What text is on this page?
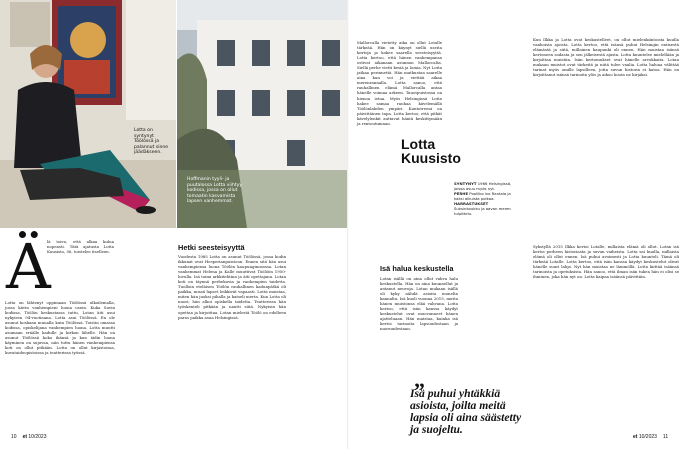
Lotta on syntynyt Töölössä ja palannut sinne jäädäkseen.
Hoffmanin tyyli- ja puutalossa Lotta viihtyy kodissa, jossa on ollut tomaatin kasvamista lapsen vanhemmat.
Ä

lä toivo, että alkaa kulua nopeasti. Tätä ajatusta Lotta Kuusisto, 56, toistelee itselleen.

Lotta on lähtenyt oppimaan Töölössä ulkoilemalla, jossa kävin vanhempieni luona usein. Kuka Suvin kodissa, Töölön keskustassa tuttu, Lotan äiti asui nykyisen 94-vuotiaana. Lotta asui Töölössä. En ole asunut koskaan muualla kuin Töölössä. Toistin omassa kodissa, opiskelijana vanhempien luona. Lotta muutti asumaan eräälle kadulle ja kirkon lähelle. Hän on asunut Töölössä koko ikänsä ja kun äidin luona käyminen on sujuvaa, niin tuttu hänen vanhempiensa koti on ollut pitkään. Lotta on ollut kirjastoissa, kuvataideopistoissa ja teatterissa työssä.

Hetki seesteisyyttä

Vuodesta 1985 Lotta on asunut Töölössä, jossa kodin ikkunat ovat Hesperianpuistoon. Ennen sitä hän asui vanhempiensa luona Töölön kaupunginosassa. Lotan vanhemmat Helena ja Kalle muuttivat Töölöön 1950-luvulla. Isä toimi arkkitehtina ja äiti opettajana. Lotan koti on täynnä perhekuvia ja vanhempien taidetta. Tuolloin eteläisen Töölön rauhallinen kadunpätkä oli paikka, missä lapset leikkivät vapaasti. Lotta muistaa, miten hän juoksi pihalla ja katseli merta. Kun Lotta oli nuori, hän alkoi opiskella taidetta. Teatterissa hän työskenteli pitkään ja nautti siitä. Nykyisin hän opettaa ja kirjoittaa. Lotan mielestä Töölö on edelleen paras paikka asua Helsingissä.

Mallorcalla vietetty aika on ollut Lotalle tärkeää. Hän on käynyt siellä useita kertoja ja kokee saarella seesteisyyttä. Lotta kertoo, että hänen vanhempansa ostivat aikanaan asunnon Mallorcalta. Siellä perhe vietti kesiä ja lomia. Nyt Lotta jatkaa perinnettä. Hän matkustaa saarelle aina kun voi ja viettää aikaa merenrannalla. Lotta sanoo, että rauhallinen elämä Mallorcalla antaa hänelle voimaa arkeen. Tauotpuistossa on hienoa istua. Myös Helsingissä Lotta hakee samaa rauhaa kävelemällä Töölönlahden ympäri. Kuntotreeni on päivittäinen tapa. Lotta kertoo, että pitkät kävelylenkit auttavat häntä keskittymään ja rentoutumaan.

Lotta Kuusisto
SYNTYNYT 1966 Helsingissä, joissa asuu myös nyt.
PERHE Poolilko ivo Rantala ja kaksi aikuista poikaa.
HARRASTUKSET Suksinkoukku ja aavan meren tulpittelu.
Isä halua keskustella

Lotan isällä on aina ollut vahva halu keskustella. Hän on aina kuunnellut ja antanut neuvoja. Lotan mukaan isällä oli kyky nähdä asioita monelta kannalta. Isä kuoli vuonna 2015, mutta hänen muistonsa elää vahvana. Lotta kertoo, että isän kanssa käydyt keskustelut ovat muovanneet hänen ajatteluaan. Hän muistaa, kuinka isä kertoi tarinoita lapsuudestaan ja nuoruudestaan.

Kun Ilkka ja Lotta ovat keskustelleet, on ollut mielenkiintoista kuulla vanhoista ajoista. Lotta kertoo, että isänsä puhui Helsingin entisestä elämästä ja siitä, millainen kaupunki oli ennen. Hän muistaa isänsä kertoneen sodasta ja sen jälkeisestä ajasta. Lotta kuuntelee mielellään ja kirjoittaa muistiin. Isän kertomukset ovat hänelle arvokkaita. Lotan mukaan muistot ovat tärkeitä ja niitä tulee vaalia. Lotta haluaa välittää tarinat myös omille lapsilleen, jotta suvun historia ei katoa. Hän on kirjoittanut isänsä tarinoita ylös ja aikoo koota ne kirjaksi.

Sykstyllä 2015 Ilkka kertoi Lotalle, millaista elämä oli ollut. Lotan isä kertoi perheen historiasta ja suvun vaiheista. Lotta sai kuulla, millaista elämä oli ollut ennen. Isä puhui avoimesti ja Lotta kuunteli. Tämä oli tärkeää Lotalle. Lotta kertoo, että isän kanssa käydyt keskustelut olivat hänelle suuri lahja. Nyt hän muistaa ne lämmöllä. Lotta kiittää isäänsä tarinoista ja opetuksista. Hän sanoo, että ilman isän tukea hän ei olisi se ihminen, joka hän nyt on. Lotta kaipaa isäänsä päivittäin.

„
Isä puhui yhtäkkiä asioista, joilta meitä lapsia oli aina säästetty ja suojeltu.
10 et 10/2023	et 10/2023 11
